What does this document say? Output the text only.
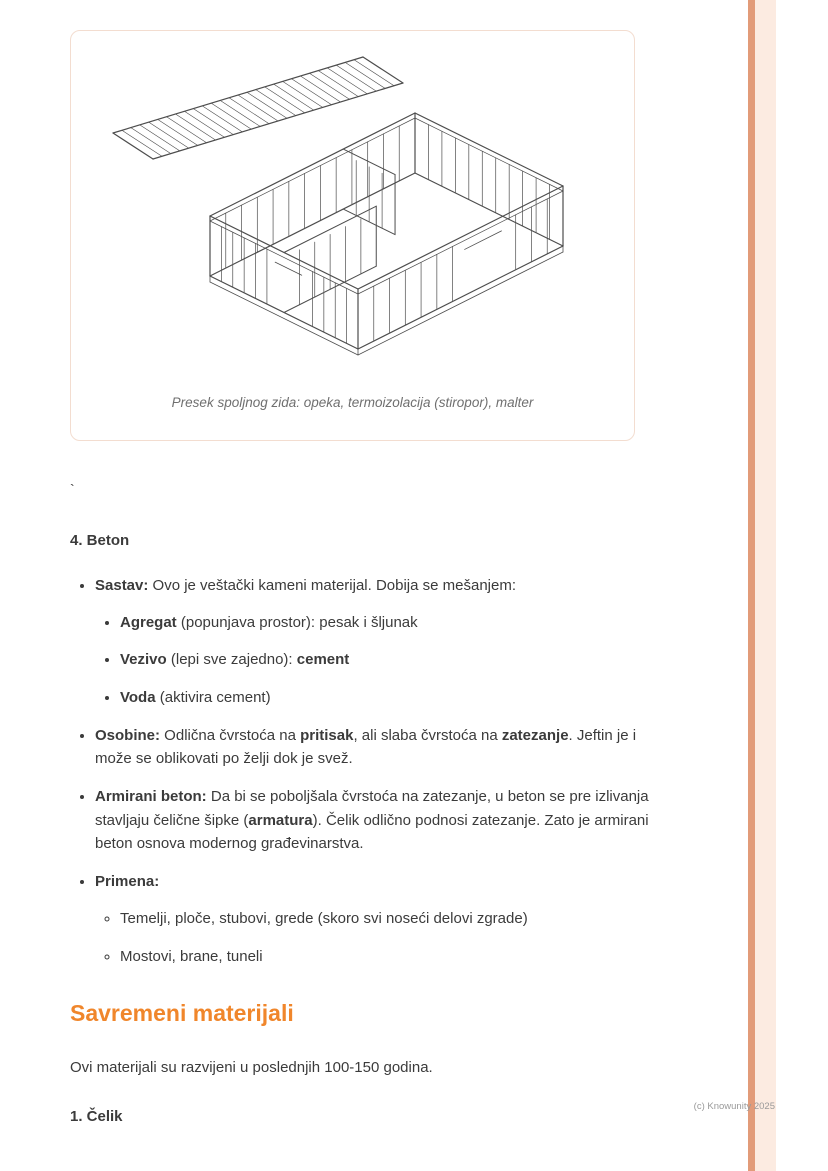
Presek spoljnog zida: opeka, termoizolacija (stiropor), malter
`
4. Beton
• Sastav: Ovo je veštački kameni materijal. Dobija se mešanjem:
• Agregat (popunjava prostor): pesak i šljunak
• Vezivo (lepi sve zajedno): cement
• Voda (aktivira cement)
• Osobine: Odlična čvrstoća na pritisak, ali slaba čvrstoća na zatezanje. Jeftin je i može se oblikovati po želji dok je svež.
• Armirani beton: Da bi se poboljšala čvrstoća na zatezanje, u beton se pre izlivanja stavljaju čelične šipke (armatura). Čelik odlično podnosi zatezanje. Zato je armirani beton osnova modernog građevinarstva.
• Primena:
◦ Temelji, ploče, stubovi, grede (skoro svi noseći delovi zgrade)
◦ Mostovi, brane, tuneli
Savremeni materijali

Ovi materijali su razvijeni u poslednjih 100-150 godina.

1. Čelik
(c) Knowunity 2025
